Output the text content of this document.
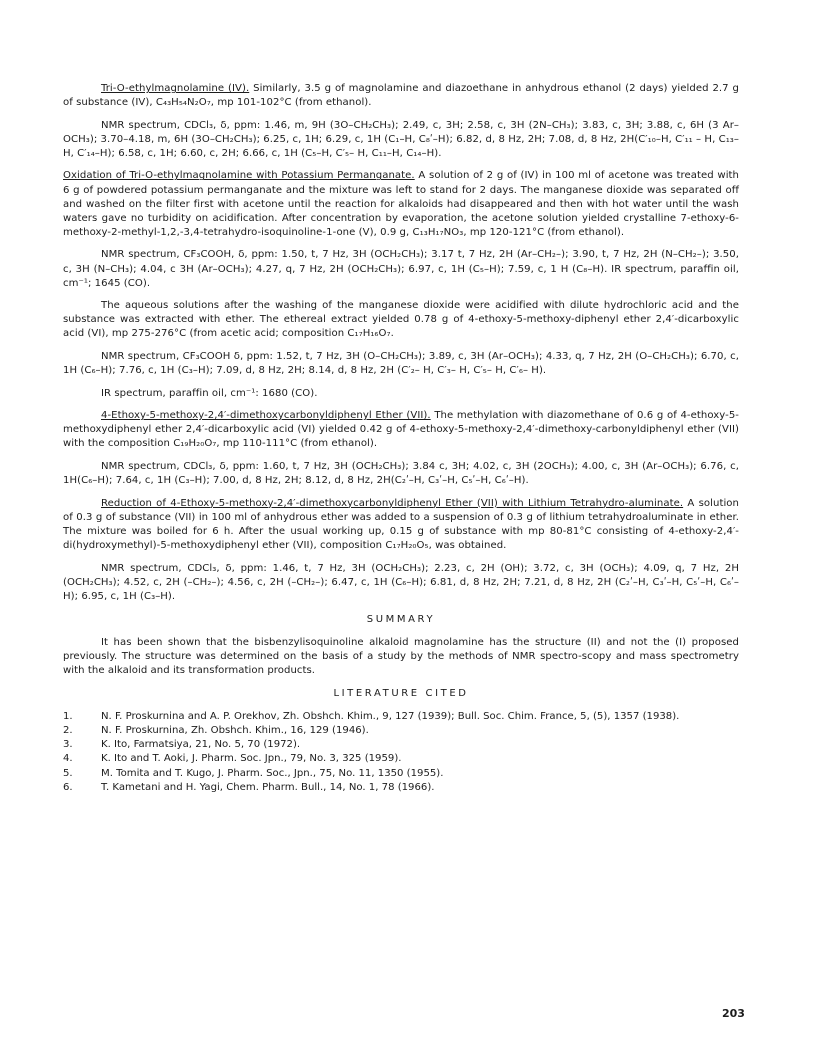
Tri-O-ethylmagnolamine (IV). Similarly, 3.5 g of magnolamine and diazoethane in anhydrous ethanol (2 days) yielded 2.7 g of substance (IV), C₄₃H₅₄N₂O₇, mp 101-102°C (from ethanol).

NMR spectrum, CDCl₃, δ, ppm: 1.46, m, 9H (3O–CH₂CH₃); 2.49, c, 3H; 2.58, c, 3H (2N–CH₃); 3.83, c, 3H; 3.88, c, 6H (3 Ar–OCH₃); 3.70–4.18, m, 6H (3O–CH₂CH₃); 6.25, c, 1H; 6.29, c, 1H (C₁–H, C₈ʹ–H); 6.82, d, 8 Hz, 2H; 7.08, d, 8 Hz, 2H(C′₁₀–H, C′₁₁ – H, C₁₃– H, C′₁₄–H); 6.58, c, 1H; 6.60, c, 2H; 6.66, c, 1H (C₅–H, C′₅– H, C₁₁–H, C₁₄–H).

Oxidation of Tri-O-ethylmagnolamine with Potassium Permanganate. A solution of 2 g of (IV) in 100 ml of acetone was treated with 6 g of powdered potassium permanganate and the mixture was left to stand for 2 days. The manganese dioxide was separated off and washed on the filter first with acetone until the reaction for alkaloids had disappeared and then with hot water until the wash waters gave no turbidity on acidification. After concentration by evaporation, the acetone solution yielded crystalline 7-ethoxy-6-methoxy-2-methyl-1,2,-3,4-tetrahydro-isoquinoline-1-one (V), 0.9 g, C₁₃H₁₇NO₃, mp 120-121°C (from ethanol).

NMR spectrum, CF₃COOH, δ, ppm: 1.50, t, 7 Hz, 3H (OCH₂CH₃); 3.17 t, 7 Hz, 2H (Ar–CH₂–); 3.90, t, 7 Hz, 2H (N–CH₂–); 3.50, c, 3H (N–CH₃); 4.04, c 3H (Ar–OCH₃); 4.27, q, 7 Hz, 2H (OCH₂CH₃); 6.97, c, 1H (C₅–H); 7.59, c, 1 H (C₈–H). IR spectrum, paraffin oil, cm⁻¹; 1645 (CO).

The aqueous solutions after the washing of the manganese dioxide were acidified with dilute hydrochloric acid and the substance was extracted with ether. The ethereal extract yielded 0.78 g of 4-ethoxy-5-methoxy-diphenyl ether 2,4′-dicarboxylic acid (VI), mp 275-276°C (from acetic acid; composition C₁₇H₁₆O₇.

NMR spectrum, CF₃COOH δ, ppm: 1.52, t, 7 Hz, 3H (O–CH₂CH₃); 3.89, c, 3H (Ar–OCH₃); 4.33, q, 7 Hz, 2H (O–CH₂CH₃); 6.70, c, 1H (C₆–H); 7.76, c, 1H (C₃–H); 7.09, d, 8 Hz, 2H; 8.14, d, 8 Hz, 2H (C′₂– H, C′₃– H, C′₅– H, C′₆– H).

IR spectrum, paraffin oil, cm⁻¹: 1680 (CO).

4-Ethoxy-5-methoxy-2,4′-dimethoxycarbonyldiphenyl Ether (VII). The methylation with diazomethane of 0.6 g of 4-ethoxy-5-methoxydiphenyl ether 2,4′-dicarboxylic acid (VI) yielded 0.42 g of 4-ethoxy-5-methoxy-2,4′-dimethoxy-carbonyldiphenyl ether (VII) with the composition C₁₉H₂₀O₇, mp 110-111°C (from ethanol).

NMR spectrum, CDCl₃, δ, ppm: 1.60, t, 7 Hz, 3H (OCH₂CH₃); 3.84 c, 3H; 4.02, c, 3H (2OCH₃); 4.00, c, 3H (Ar–OCH₃); 6.76, c, 1H(C₆–H); 7.64, c, 1H (C₃–H); 7.00, d, 8 Hz, 2H; 8.12, d, 8 Hz, 2H(C₂ʹ–H, C₃ʹ–H, C₅ʹ–H, C₆ʹ–H).

Reduction of 4-Ethoxy-5-methoxy-2,4′-dimethoxycarbonyldiphenyl Ether (VII) with Lithium Tetrahydro-aluminate. A solution of 0.3 g of substance (VII) in 100 ml of anhydrous ether was added to a suspension of 0.3 g of lithium tetrahydroaluminate in ether. The mixture was boiled for 6 h. After the usual working up, 0.15 g of substance with mp 80-81°C consisting of 4-ethoxy-2,4′-di(hydroxymethyl)-5-methoxydiphenyl ether (VII), composition C₁₇H₂₀O₅, was obtained.

NMR spectrum, CDCl₃, δ, ppm: 1.46, t, 7 Hz, 3H (OCH₂CH₃); 2.23, c, 2H (OH); 3.72, c, 3H (OCH₃); 4.09, q, 7 Hz, 2H (OCH₂CH₃); 4.52, c, 2H (–CH₂–); 4.56, c, 2H (–CH₂–); 6.47, c, 1H (C₆–H); 6.81, d, 8 Hz, 2H; 7.21, d, 8 Hz, 2H (C₂ʹ–H, C₃ʹ–H, C₅ʹ–H, C₆ʹ–H); 6.95, c, 1H (C₃–H).

SUMMARY

It has been shown that the bisbenzylisoquinoline alkaloid magnolamine has the structure (II) and not the (I) proposed previously. The structure was determined on the basis of a study by the methods of NMR spectro-scopy and mass spectrometry with the alkaloid and its transformation products.

LITERATURE CITED
1.	N. F. Proskurnina and A. P. Orekhov, Zh. Obshch. Khim., 9, 127 (1939); Bull. Soc. Chim. France, 5, (5), 1357 (1938).
2.	N. F. Proskurnina, Zh. Obshch. Khim., 16, 129 (1946).
3.	K. Ito, Farmatsiya, 21, No. 5, 70 (1972).
4.	K. Ito and T. Aoki, J. Pharm. Soc. Jpn., 79, No. 3, 325 (1959).
5.	M. Tomita and T. Kugo, J. Pharm. Soc., Jpn., 75, No. 11, 1350 (1955).
6.	T. Kametani and H. Yagi, Chem. Pharm. Bull., 14, No. 1, 78 (1966).
203
